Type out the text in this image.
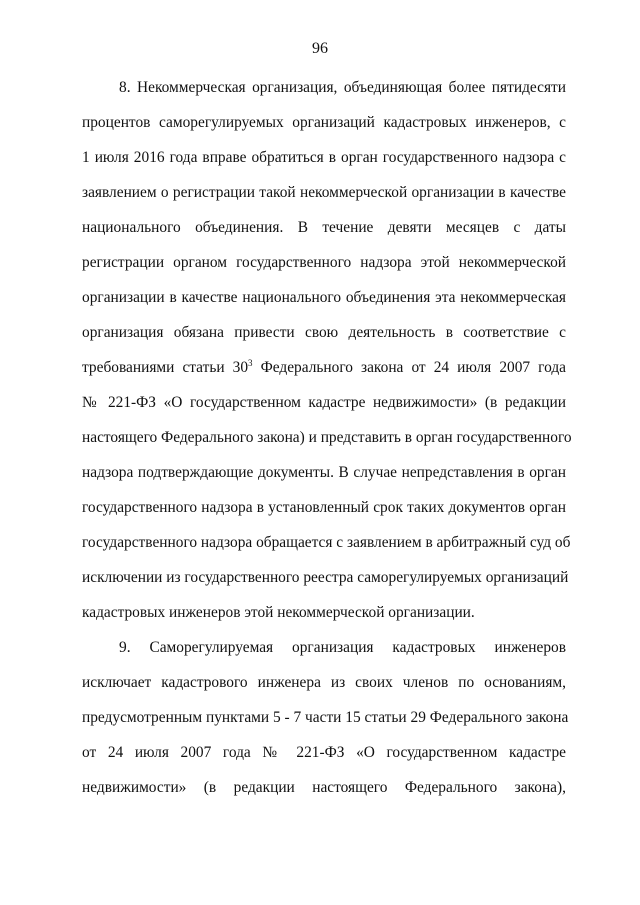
96
8. Некоммерческая организация, объединяющая более пятидесяти
процентов саморегулируемых организаций кадастровых инженеров, с
1 июля 2016 года вправе обратиться в орган государственного надзора с
заявлением о регистрации такой некоммерческой организации в качестве
национального объединения. В течение девяти месяцев с даты
регистрации органом государственного надзора этой некоммерческой
организации в качестве национального объединения эта некоммерческая
организация обязана привести свою деятельность в соответствие с
требованиями статьи $30^3$ Федерального закона от 24 июля 2007 года
№ 221-ФЗ «О государственном кадастре недвижимости» (в редакции
настоящего Федерального закона) и представить в орган государственного
надзора подтверждающие документы. В случае непредставления в орган
государственного надзора в установленный срок таких документов орган
государственного надзора обращается с заявлением в арбитражный суд об
исключении из государственного реестра саморегулируемых организаций
кадастровых инженеров этой некоммерческой организации.
9. Саморегулируемая организация кадастровых инженеров
исключает кадастрового инженера из своих членов по основаниям,
предусмотренным пунктами 5 - 7 части 15 статьи 29 Федерального закона
от 24 июля 2007 года № 221-ФЗ «О государственном кадастре
недвижимости» (в редакции настоящего Федерального закона),
